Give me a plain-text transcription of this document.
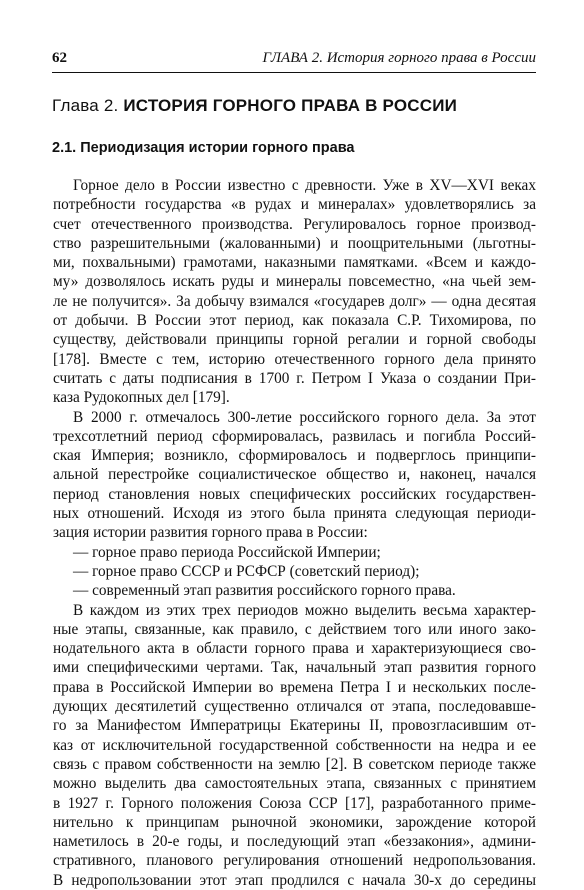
62	ГЛАВА 2. История горного права в России
Глава 2. ИСТОРИЯ ГОРНОГО ПРАВА В РОССИИ
2.1. Периодизация истории горного права
Горное дело в России известно с древности. Уже в XV—XVI веках
потребности государства «в рудах и минералах» удовлетворялись за
счет отечественного производства. Регулировалось горное производ-
ство разрешительными (жалованными) и поощрительными (льготны-
ми, похвальными) грамотами, наказными памятками. «Всем и каждо-
му» дозволялось искать руды и минералы повсеместно, «на чьей зем-
ле не получится». За добычу взимался «государев долг» — одна десятая
от добычи. В России этот период, как показала С.Р. Тихомирова, по
существу, действовали принципы горной регалии и горной свободы
[178]. Вместе с тем, историю отечественного горного дела принято
считать с даты подписания в 1700 г. Петром I Указа о создании При-
каза Рудокопных дел [179].
В 2000 г. отмечалось 300-летие российского горного дела. За этот
трехсотлетний период сформировалась, развилась и погибла Россий-
ская Империя; возникло, сформировалось и подверглось принципи-
альной перестройке социалистическое общество и, наконец, начался
период становления новых специфических российских государствен-
ных отношений. Исходя из этого была принята следующая периоди-
зация истории развития горного права в России:
— горное право периода Российской Империи;
— горное право СССР и РСФСР (советский период);
— современный этап развития российского горного права.
В каждом из этих трех периодов можно выделить весьма характер-
ные этапы, связанные, как правило, с действием того или иного зако-
нодательного акта в области горного права и характеризующиеся сво-
ими специфическими чертами. Так, начальный этап развития горного
права в Российской Империи во времена Петра I и нескольких после-
дующих десятилетий существенно отличался от этапа, последовавше-
го за Манифестом Императрицы Екатерины II, провозгласившим от-
каз от исключительной государственной собственности на недра и ее
связь с правом собственности на землю [2]. В советском периоде также
можно выделить два самостоятельных этапа, связанных с принятием
в 1927 г. Горного положения Союза ССР [17], разработанного приме-
нительно к принципам рыночной экономики, зарождение которой
наметилось в 20-е годы, и последующий этап «беззакония», админи-
стративного, планового регулирования отношений недропользования.
В недропользовании этот этап продлился с начала 30-х до середины
